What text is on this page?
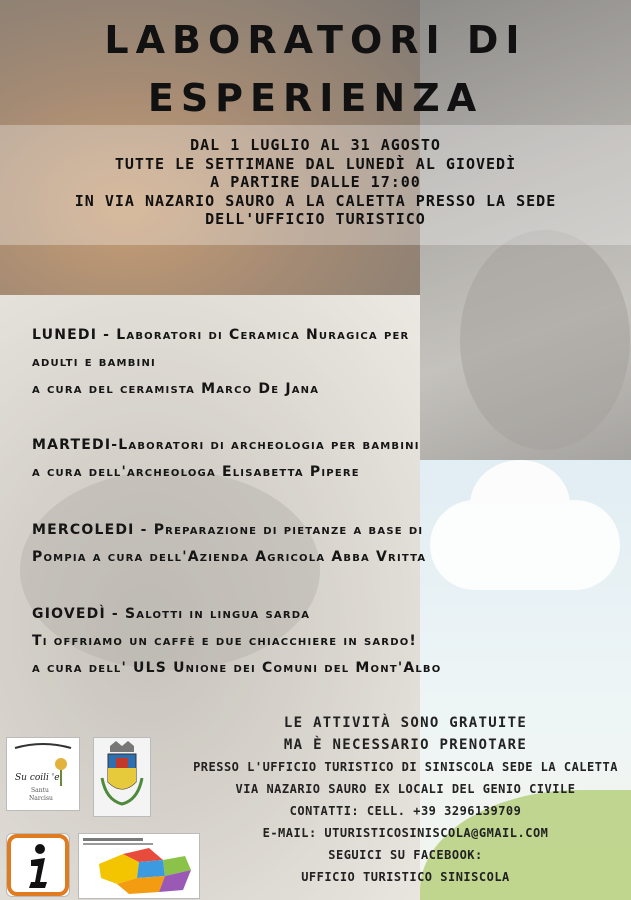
LABORATORI DI
ESPERIENZA
DAL 1 LUGLIO AL 31 AGOSTO
TUTTE LE SETTIMANE DAL LUNEDÌ AL GIOVEDÌ
A PARTIRE DALLE 17:00
IN VIA NAZARIO SAURO A LA CALETTA PRESSO LA SEDE
DELL'UFFICIO TURISTICO
LUNEDI - Laboratori di Ceramica Nuragica per
adulti e bambini
a cura del ceramista Marco De Jana
MARTEDI-Laboratori di archeologia per bambini
a cura dell'archeologa Elisabetta Pipere
MERCOLEDI - Preparazione di pietanze a base di
Pompia a cura dell'Azienda Agricola Abba Vritta
GIOVEDÌ - Salotti in lingua sarda
Ti offriamo un caffè e due chiacchiere in sardo!
a cura dell' ULS Unione dei Comuni del Mont'Albo
LE ATTIVITÀ SONO GRATUITE
MA È NECESSARIO PRENOTARE
PRESSO L'UFFICIO TURISTICO DI SINISCOLA SEDE LA CALETTA
VIA NAZARIO SAURO EX LOCALI DEL GENIO CIVILE
CONTATTI: CELL. +39 3296139709
E-MAIL: UTURISTICOSINISCOLA@GMAIL.COM
SEGUICI SU FACEBOOK:
UFFICIO TURISTICO SINISCOLA
Su coili 'e
Santu
Narcisu
